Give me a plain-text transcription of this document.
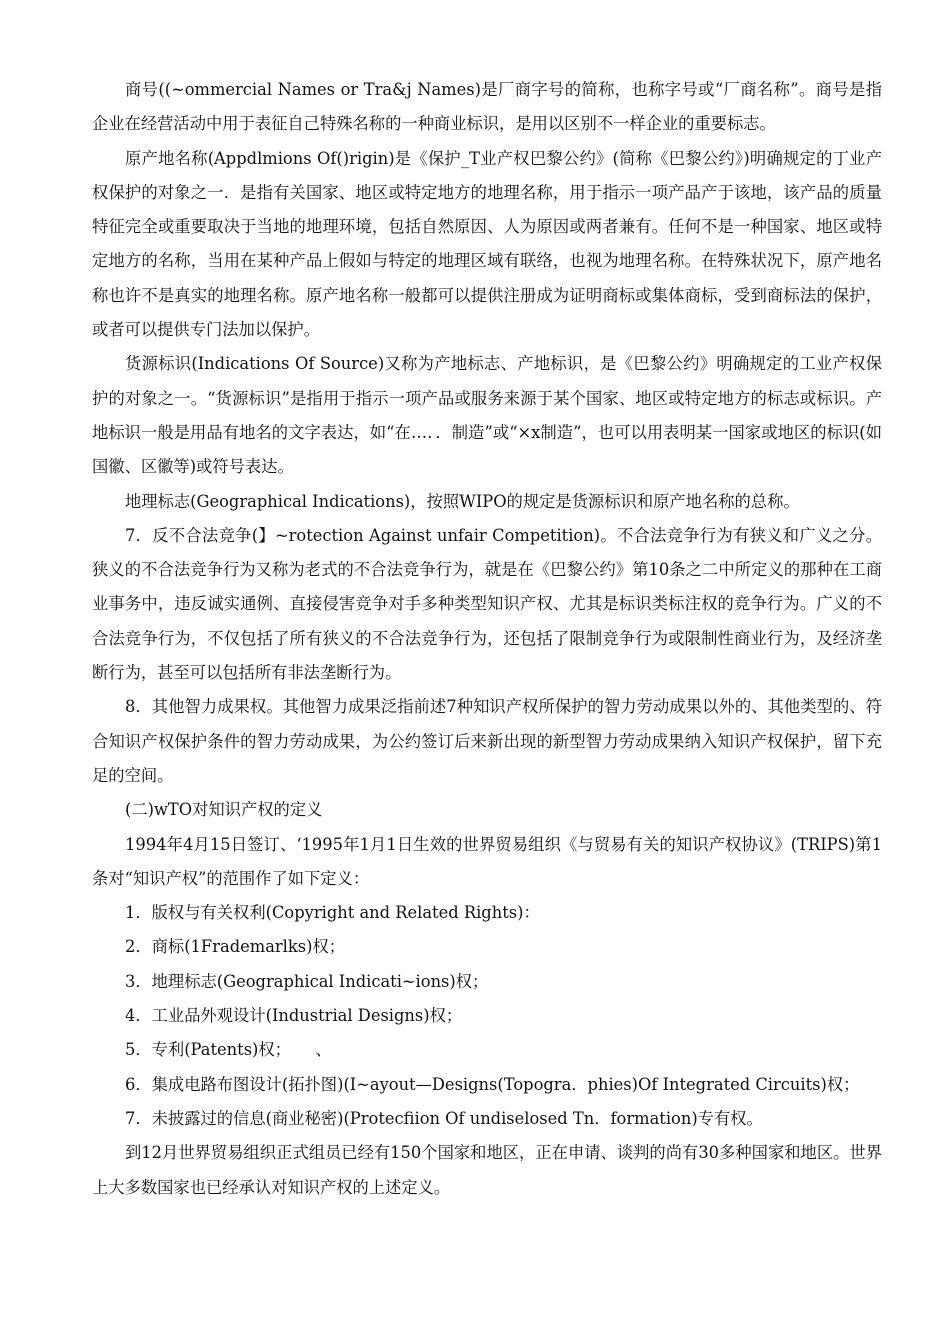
商号((~ommercial Names or Tra&j Names)是厂商字号的简称，也称字号或“厂商名称”。商号是指企业在经营活动中用于表征自己特殊名称的一种商业标识，是用以区别不一样企业的重要标志。

原产地名称(Appdlmions Of()rigin)是《保护_T业产权巴黎公约》(简称《巴黎公约》)明确规定的丁业产权保护的对象之一．是指有关国家、地区或特定地方的地理名称，用于指示一项产品产于该地，该产品的质量特征完全或重要取决于当地的地理环境，包括自然原因、人为原因或两者兼有。任何不是一种国家、地区或特定地方的名称，当用在某种产品上假如与特定的地理区域有联络，也视为地理名称。在特殊状况下，原产地名称也许不是真实的地理名称。原产地名称一般都可以提供注册成为证明商标或集体商标，受到商标法的保护，或者可以提供专门法加以保护。

货源标识(Indications Of Source)又称为产地标志、产地标识，是《巴黎公约》明确规定的工业产权保护的对象之一。“货源标识”是指用于指示一项产品或服务来源于某个国家、地区或特定地方的标志或标识。产地标识一般是用品有地名的文字表达，如“在…．．制造”或“×x制造”，也可以用表明某一国家或地区的标识(如国徽、区徽等)或符号表达。

地理标志(Geographical Indications)，按照WIPO的规定是货源标识和原产地名称的总称。

7．反不合法竞争(】~rotection Against unfair Competition)。不合法竞争行为有狭义和广义之分。狭义的不合法竞争行为又称为老式的不合法竞争行为，就是在《巴黎公约》第10条之二中所定义的那种在工商业事务中，违反诚实通例、直接侵害竞争对手多种类型知识产权、尤其是标识类标注权的竞争行为。广义的不合法竞争行为，不仅包括了所有狭义的不合法竞争行为，还包括了限制竞争行为或限制性商业行为，及经济垄断行为，甚至可以包括所有非法垄断行为。

8．其他智力成果权。其他智力成果泛指前述7种知识产权所保护的智力劳动成果以外的、其他类型的、符合知识产权保护条件的智力劳动成果，为公约签订后来新出现的新型智力劳动成果纳入知识产权保护，留下充足的空间。

(二)wTO对知识产权的定义

1994年4月15日签订、‘1995年1月1日生效的世界贸易组织《与贸易有关的知识产权协议》(TRIPS)第1条对“知识产权”的范围作了如下定义：

1．版权与有关权利(Copyright and Related Rights)：

2．商标(1Frademarlks)权；

3．地理标志(Geographical Indicati~ions)权；

4．工业品外观设计(Industrial Designs)权；

5．专利(Patents)权；　　、

6．集成电路布图设计(拓扑图)(I~ayout—Designs(Topogra．phies)Of Integrated Circuits)权；

7．未披露过的信息(商业秘密)(Protecfiion Of undiselosed Tn．formation)专有权。

到12月世界贸易组织正式组员已经有150个国家和地区，正在申请、谈判的尚有30多种国家和地区。世界上大多数国家也已经承认对知识产权的上述定义。
